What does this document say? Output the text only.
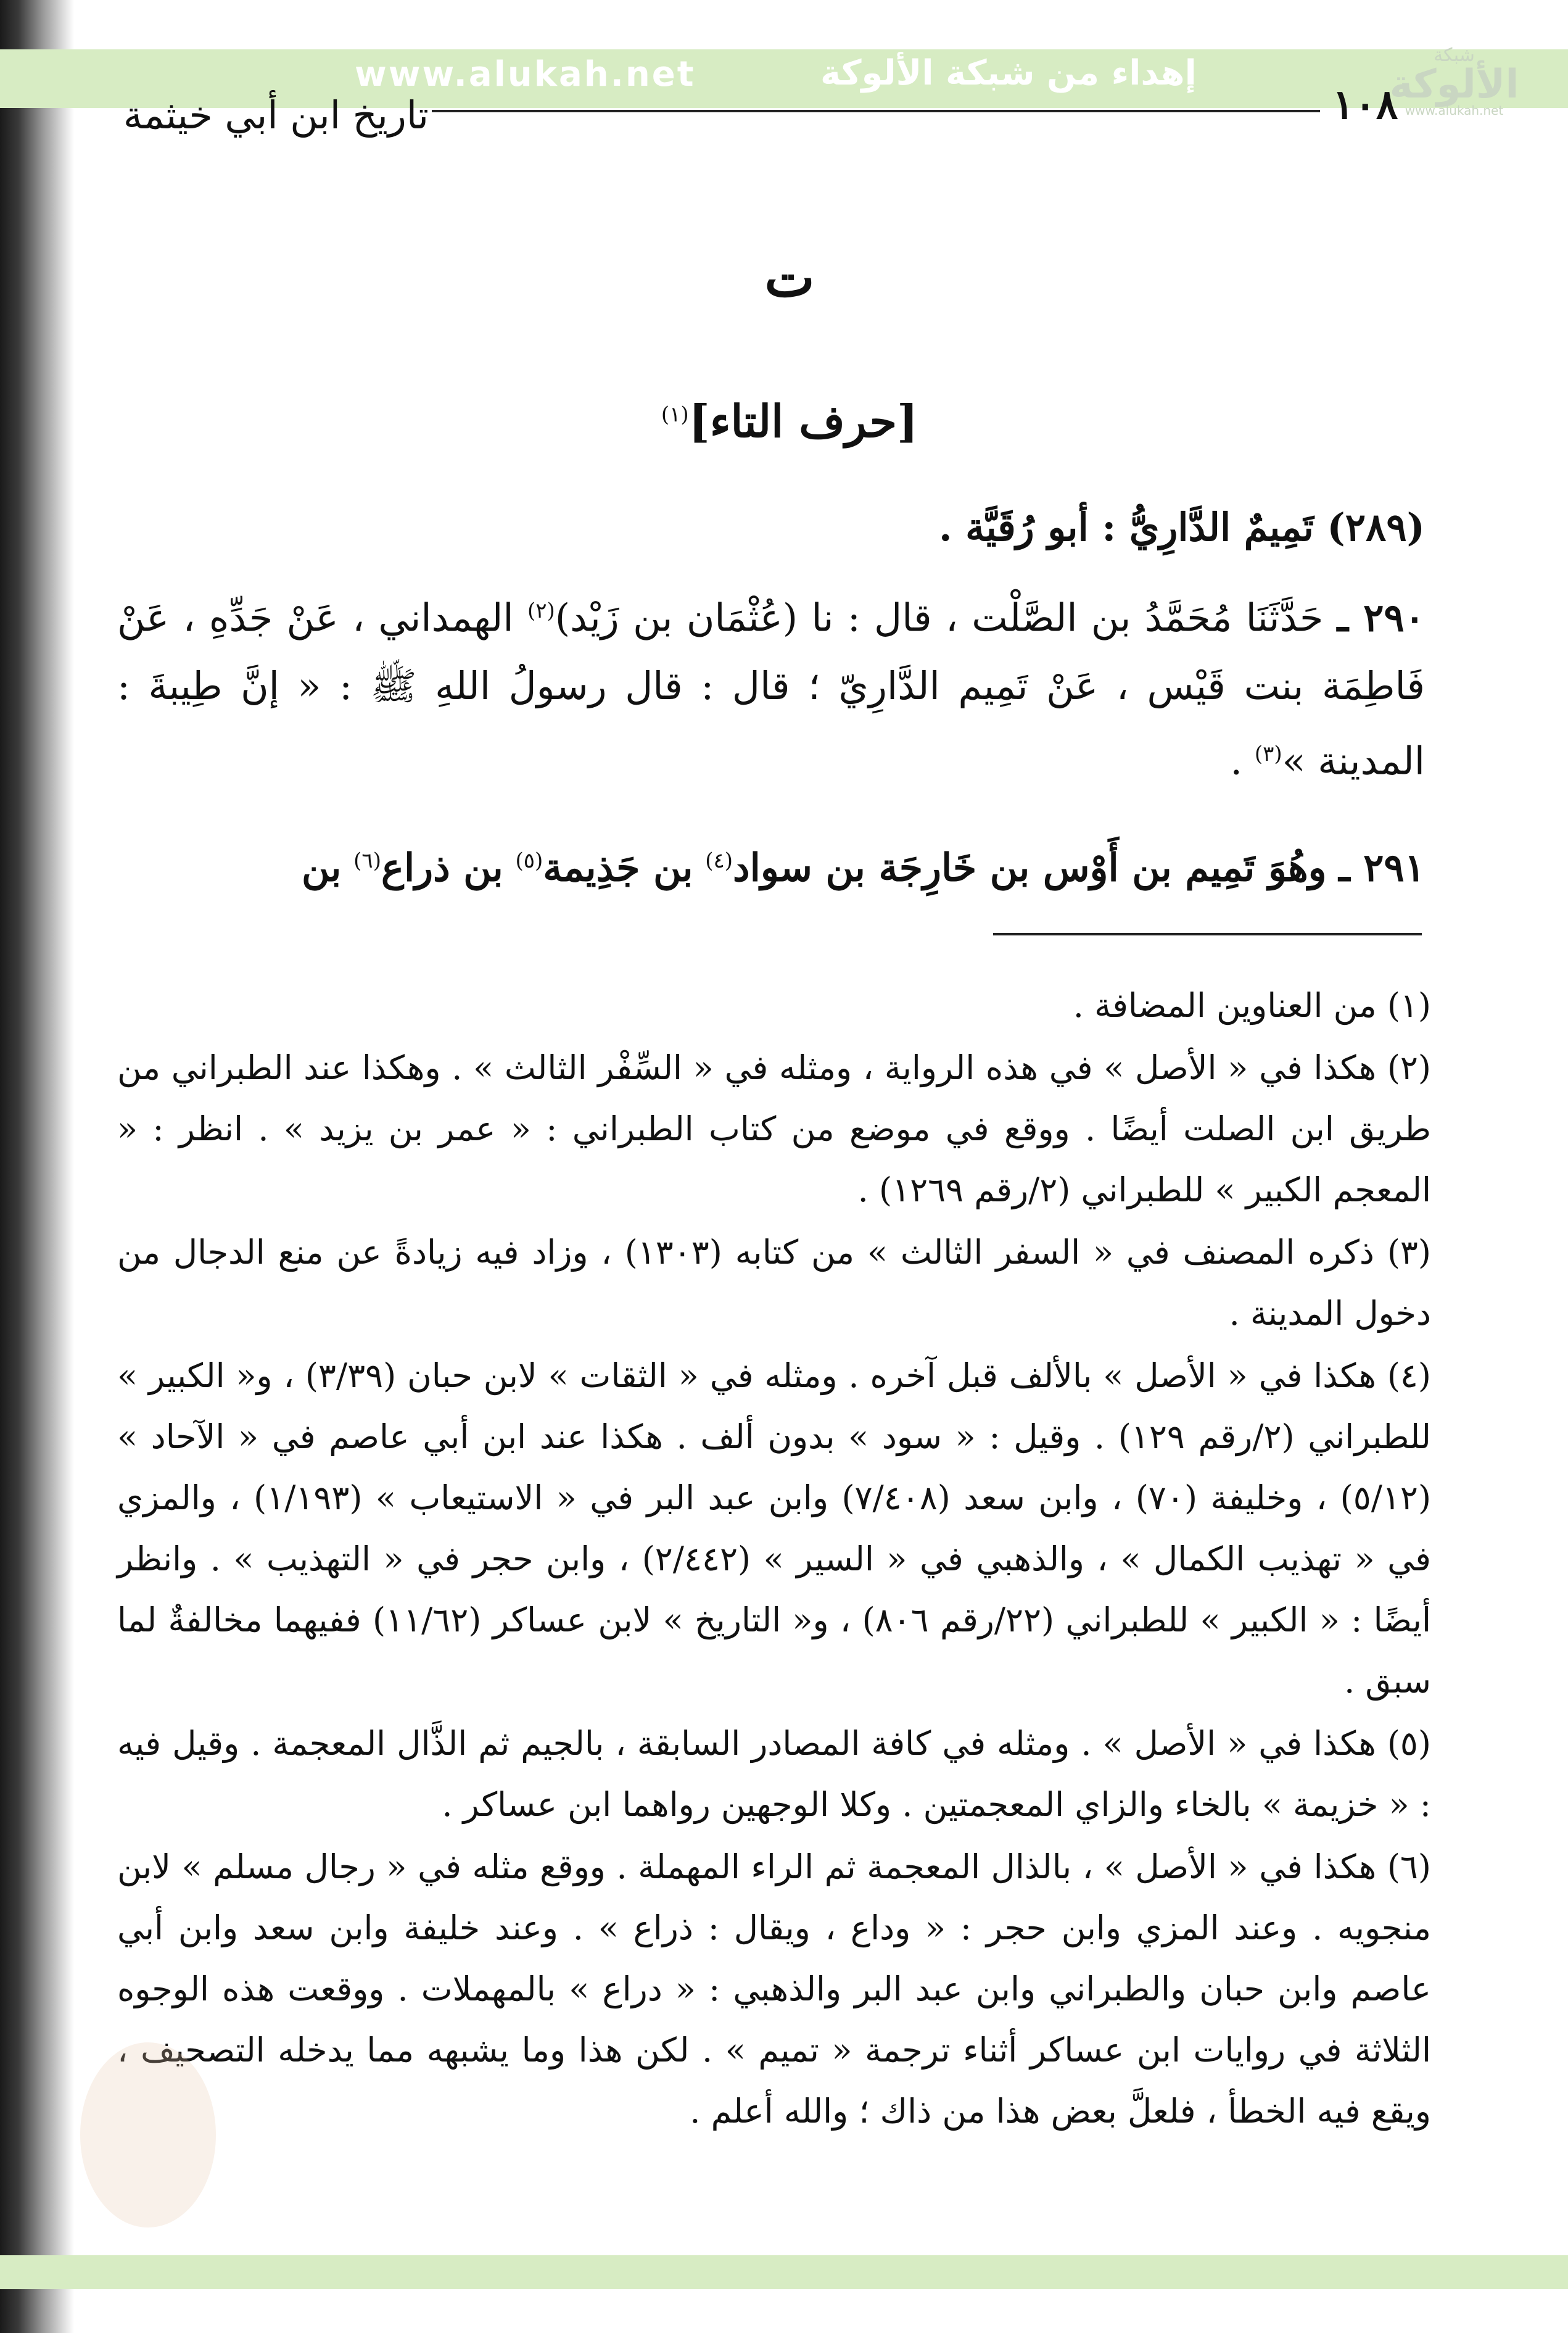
www.alukah.net	إهداء من شبكة الألوكة	شبكة
الألوكة
www.alukah.net
١٠٨
تاريخ ابن أبي خيثمة
ت
[حرف التاء]$^{(١)}$
(٢٨٩) تَمِيمٌ الدَّارِيُّ : أبو رُقَيَّة .
٢٩٠ ـ حَدَّثَنَا مُحَمَّدُ بن الصَّلْت ، قال : نا (عُثْمَان بن زَيْد)$^{(٢)}$ الهمداني ، عَنْ جَدِّهِ ، عَنْ فَاطِمَة بنت قَيْس ، عَنْ تَمِيم الدَّارِيّ ؛ قال : قال رسولُ اللهِ ﷺ : « إنَّ طِيبةَ : المدينة »$^{(٣)}$ .
٢٩١ ـ وهُوَ تَمِيم بن أَوْس بن خَارِجَة بن سواد$^{(٤)}$ بن جَذِيمة$^{(٥)}$ بن ذراع$^{(٦)}$ بن

(١) من العناوين المضافة .

(٢) هكذا في « الأصل » في هذه الرواية ، ومثله في « السِّفْر الثالث » . وهكذا عند الطبراني من طريق ابن الصلت أيضًا . ووقع في موضع من كتاب الطبراني : « عمر بن يزيد » . انظر : « المعجم الكبير » للطبراني (٢/رقم ١٢٦٩) .

(٣) ذكره المصنف في « السفر الثالث » من كتابه (١٣٠٣) ، وزاد فيه زيادةً عن منع الدجال من دخول المدينة .

(٤) هكذا في « الأصل » بالألف قبل آخره . ومثله في « الثقات » لابن حبان (٣/٣٩) ، و« الكبير » للطبراني (٢/رقم ١٢٩) . وقيل : « سود » بدون ألف . هكذا عند ابن أبي عاصم في « الآحاد » (٥/١٢) ، وخليفة (٧٠) ، وابن سعد (٧/٤٠٨) وابن عبد البر في « الاستيعاب » (١/١٩٣) ، والمزي في « تهذيب الكمال » ، والذهبي في « السير » (٢/٤٤٢) ، وابن حجر في « التهذيب » . وانظر أيضًا : « الكبير » للطبراني (٢٢/رقم ٨٠٦) ، و« التاريخ » لابن عساكر (١١/٦٢) ففيهما مخالفةٌ لما سبق .

(٥) هكذا في « الأصل » . ومثله في كافة المصادر السابقة ، بالجيم ثم الذَّال المعجمة . وقيل فيه : « خزيمة » بالخاء والزاي المعجمتين . وكلا الوجهين رواهما ابن عساكر .

(٦) هكذا في « الأصل » ، بالذال المعجمة ثم الراء المهملة . ووقع مثله في « رجال مسلم » لابن منجويه . وعند المزي وابن حجر : « وداع ، ويقال : ذراع » . وعند خليفة وابن سعد وابن أبي عاصم وابن حبان والطبراني وابن عبد البر والذهبي : « دراع » بالمهملات . ووقعت هذه الوجوه الثلاثة في روايات ابن عساكر أثناء ترجمة « تميم » . لكن هذا وما يشبهه مما يدخله التصحيف ، ويقع فيه الخطأ ، فلعلَّ بعض هذا من ذاك ؛ والله أعلم .
